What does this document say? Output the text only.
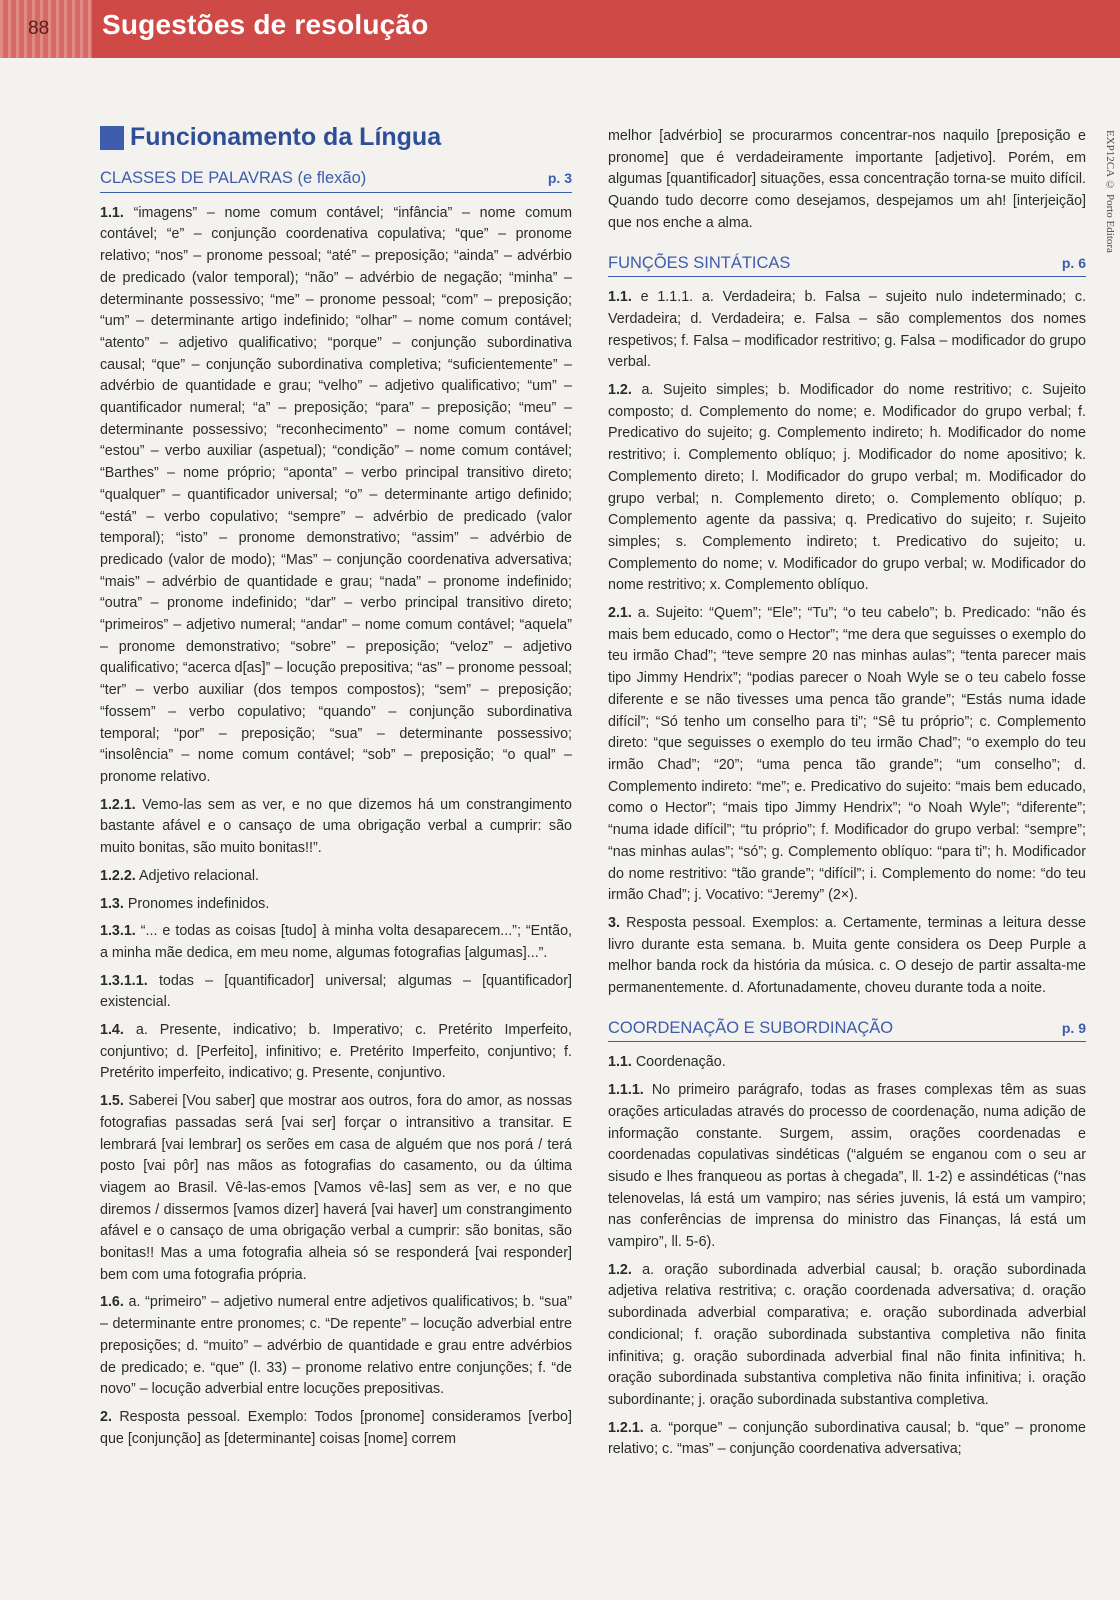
88 Sugestões de resolução
EXP12CA © Porto Editora
Funcionamento da Língua
CLASSES DE PALAVRAS (e flexão)	p. 3

1.1. “imagens” – nome comum contável; “infância” – nome comum contável; “e” – conjunção coordenativa copulativa; “que” – pronome relativo; “nos” – pronome pessoal; “até” – preposição; “ainda” – advérbio de predicado (valor temporal); “não” – advérbio de negação; “minha” – determinante possessivo; “me” – pronome pessoal; “com” – preposição; “um” – determinante artigo indefinido; “olhar” – nome comum contável; “atento” – adjetivo qualificativo; “porque” – conjunção subordinativa causal; “que” – conjunção subordinativa completiva; “suficientemente” – advérbio de quantidade e grau; “velho” – adjetivo qualificativo; “um” – quantificador numeral; “a” – preposição; “para” – preposição; “meu” – determinante possessivo; “reconhecimento” – nome comum contável; “estou” – verbo auxiliar (aspetual); “condição” – nome comum contável; “Barthes” – nome próprio; “aponta” – verbo principal transitivo direto; “qualquer” – quantificador universal; “o” – determinante artigo definido; “está” – verbo copulativo; “sempre” – advérbio de predicado (valor temporal); “isto” – pronome demonstrativo; “assim” – advérbio de predicado (valor de modo); “Mas” – conjunção coordenativa adversativa; “mais” – advérbio de quantidade e grau; “nada” – pronome indefinido; “outra” – pronome indefinido; “dar” – verbo principal transitivo direto; “primeiros” – adjetivo numeral; “andar” – nome comum contável; “aquela” – pronome demonstrativo; “sobre” – preposição; “veloz” – adjetivo qualificativo; “acerca d[as]” – locução prepositiva; “as” – pronome pessoal; “ter” – verbo auxiliar (dos tempos compostos); “sem” – preposição; “fossem” – verbo copulativo; “quando” – conjunção subordinativa temporal; “por” – preposição; “sua” – determinante possessivo; “insolência” – nome comum contável; “sob” – preposição; “o qual” – pronome relativo.

1.2.1. Vemo-las sem as ver, e no que dizemos há um constrangimento bastante afável e o cansaço de uma obrigação verbal a cumprir: são muito bonitas, são muito bonitas!!”.

1.2.2. Adjetivo relacional.

1.3. Pronomes indefinidos.

1.3.1. “... e todas as coisas [tudo] à minha volta desaparecem...”; “Então, a minha mãe dedica, em meu nome, algumas fotografias [algumas]...”.

1.3.1.1. todas – [quantificador] universal; algumas – [quantificador] existencial.

1.4. a. Presente, indicativo; b. Imperativo; c. Pretérito Imperfeito, conjuntivo; d. [Perfeito], infinitivo; e. Pretérito Imperfeito, conjuntivo; f. Pretérito imperfeito, indicativo; g. Presente, conjuntivo.

1.5. Saberei [Vou saber] que mostrar aos outros, fora do amor, as nossas fotografias passadas será [vai ser] forçar o intransitivo a transitar. E lembrará [vai lembrar] os serões em casa de alguém que nos porá / terá posto [vai pôr] nas mãos as fotografias do casamento, ou da última viagem ao Brasil. Vê-las-emos [Vamos vê-las] sem as ver, e no que diremos / dissermos [vamos dizer] haverá [vai haver] um constrangimento afável e o cansaço de uma obrigação verbal a cumprir: são bonitas, são bonitas!! Mas a uma fotografia alheia só se responderá [vai responder] bem com uma fotografia própria.

1.6. a. “primeiro” – adjetivo numeral entre adjetivos qualificativos; b. “sua” – determinante entre pronomes; c. “De repente” – locução adverbial entre preposições; d. “muito” – advérbio de quantidade e grau entre advérbios de predicado; e. “que” (l. 33) – pronome relativo entre conjunções; f. “de novo” – locução adverbial entre locuções prepositivas.

2. Resposta pessoal. Exemplo: Todos [pronome] consideramos [verbo] que [conjunção] as [determinante] coisas [nome] correm

melhor [advérbio] se procurarmos concentrar-nos naquilo [preposição e pronome] que é verdadeiramente importante [adjetivo]. Porém, em algumas [quantificador] situações, essa concentração torna-se muito difícil. Quando tudo decorre como desejamos, despejamos um ah! [interjeição] que nos enche a alma.

FUNÇÕES SINTÁTICAS	p. 6

1.1. e 1.1.1. a. Verdadeira; b. Falsa – sujeito nulo indeterminado; c. Verdadeira; d. Verdadeira; e. Falsa – são complementos dos nomes respetivos; f. Falsa – modificador restritivo; g. Falsa – modificador do grupo verbal.

1.2. a. Sujeito simples; b. Modificador do nome restritivo; c. Sujeito composto; d. Complemento do nome; e. Modificador do grupo verbal; f. Predicativo do sujeito; g. Complemento indireto; h. Modificador do nome restritivo; i. Complemento oblíquo; j. Modificador do nome apositivo; k. Complemento direto; l. Modificador do grupo verbal; m. Modificador do grupo verbal; n. Complemento direto; o. Complemento oblíquo; p. Complemento agente da passiva; q. Predicativo do sujeito; r. Sujeito simples; s. Complemento indireto; t. Predicativo do sujeito; u. Complemento do nome; v. Modificador do grupo verbal; w. Modificador do nome restritivo; x. Complemento oblíquo.

2.1. a. Sujeito: “Quem”; “Ele”; “Tu”; “o teu cabelo”; b. Predicado: “não és mais bem educado, como o Hector”; “me dera que seguisses o exemplo do teu irmão Chad”; “teve sempre 20 nas minhas aulas”; “tenta parecer mais tipo Jimmy Hendrix”; “podias parecer o Noah Wyle se o teu cabelo fosse diferente e se não tivesses uma penca tão grande”; “Estás numa idade difícil”; “Só tenho um conselho para ti”; “Sê tu próprio”; c. Complemento direto: “que seguisses o exemplo do teu irmão Chad”; “o exemplo do teu irmão Chad”; “20”; “uma penca tão grande”; “um conselho”; d. Complemento indireto: “me”; e. Predicativo do sujeito: “mais bem educado, como o Hector”; “mais tipo Jimmy Hendrix”; “o Noah Wyle”; “diferente”; “numa idade difícil”; “tu próprio”; f. Modificador do grupo verbal: “sempre”; “nas minhas aulas”; “só”; g. Complemento oblíquo: “para ti”; h. Modificador do nome restritivo: “tão grande”; “difícil”; i. Complemento do nome: “do teu irmão Chad”; j. Vocativo: “Jeremy” (2×).

3. Resposta pessoal. Exemplos: a. Certamente, terminas a leitura desse livro durante esta semana. b. Muita gente considera os Deep Purple a melhor banda rock da história da música. c. O desejo de partir assalta-me permanentemente. d. Afortunadamente, choveu durante toda a noite.

COORDENAÇÃO E SUBORDINAÇÃO	p. 9

1.1. Coordenação.

1.1.1. No primeiro parágrafo, todas as frases complexas têm as suas orações articuladas através do processo de coordenação, numa adição de informação constante. Surgem, assim, orações coordenadas e coordenadas copulativas sindéticas (“alguém se enganou com o seu ar sisudo e lhes franqueou as portas à chegada”, ll. 1-2) e assindéticas (“nas telenovelas, lá está um vampiro; nas séries juvenis, lá está um vampiro; nas conferências de imprensa do ministro das Finanças, lá está um vampiro”, ll. 5-6).

1.2. a. oração subordinada adverbial causal; b. oração subordinada adjetiva relativa restritiva; c. oração coordenada adversativa; d. oração subordinada adverbial comparativa; e. oração subordinada adverbial condicional; f. oração subordinada substantiva completiva não finita infinitiva; g. oração subordinada adverbial final não finita infinitiva; h. oração subordinada substantiva completiva não finita infinitiva; i. oração subordinante; j. oração subordinada substantiva completiva.

1.2.1. a. “porque” – conjunção subordinativa causal; b. “que” – pronome relativo; c. “mas” – conjunção coordenativa adversativa;
